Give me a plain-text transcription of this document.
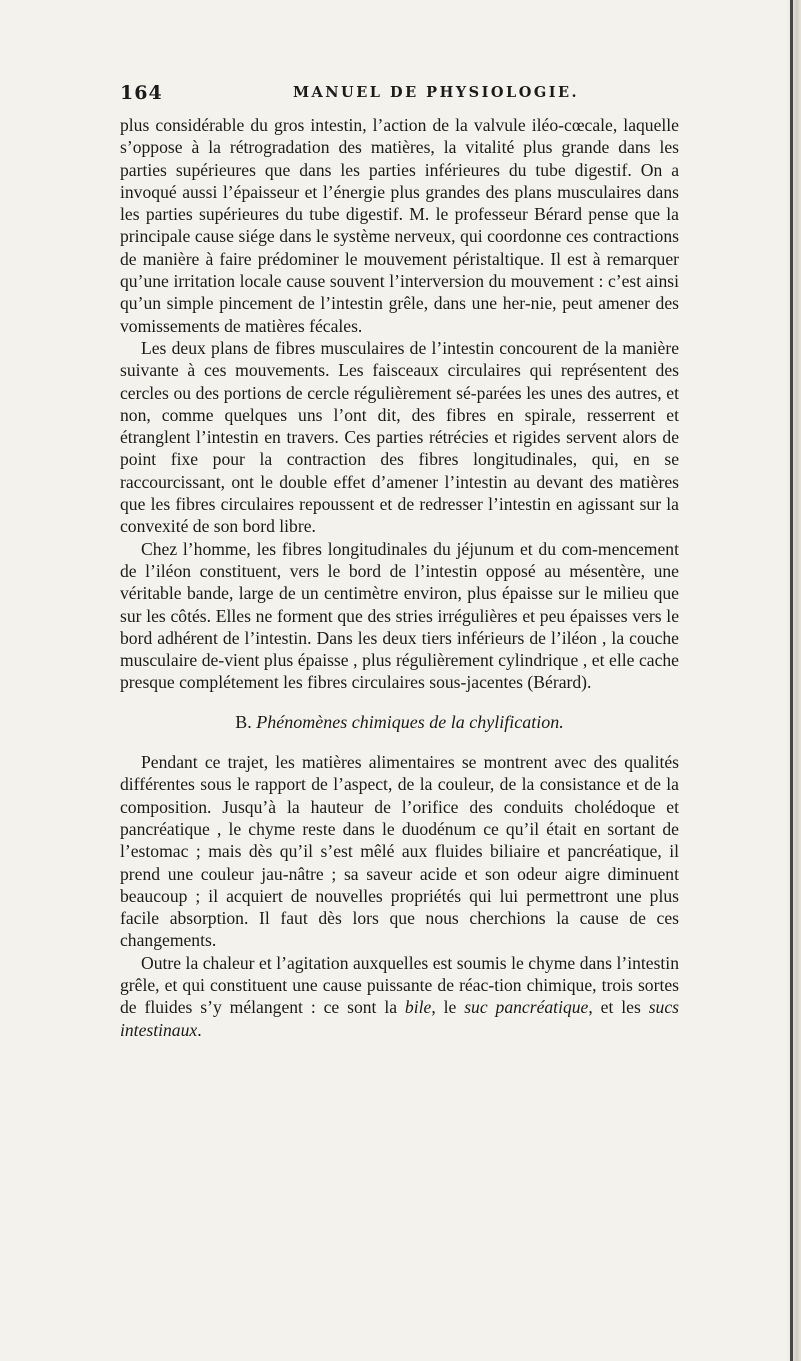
164	MANUEL DE PHYSIOLOGIE.

plus considérable du gros intestin, l’action de la valvule iléo-cœcale, laquelle s’oppose à la rétrogradation des matières, la vitalité plus grande dans les parties supérieures que dans les parties inférieures du tube digestif. On a invoqué aussi l’épaisseur et l’énergie plus grandes des plans musculaires dans les parties supérieures du tube digestif. M. le professeur Bérard pense que la principale cause siége dans le système nerveux, qui coordonne ces contractions de manière à faire prédominer le mouvement péristaltique. Il est à remarquer qu’une irritation locale cause souvent l’interversion du mouvement : c’est ainsi qu’un simple pincement de l’intestin grêle, dans une her-nie, peut amener des vomissements de matières fécales.

Les deux plans de fibres musculaires de l’intestin concourent de la manière suivante à ces mouvements. Les faisceaux circulaires qui représentent des cercles ou des portions de cercle régulièrement sé-parées les unes des autres, et non, comme quelques uns l’ont dit, des fibres en spirale, resserrent et étranglent l’intestin en travers. Ces parties rétrécies et rigides servent alors de point fixe pour la contraction des fibres longitudinales, qui, en se raccourcissant, ont le double effet d’amener l’intestin au devant des matières que les fibres circulaires repoussent et de redresser l’intestin en agissant sur la convexité de son bord libre.

Chez l’homme, les fibres longitudinales du jéjunum et du com-mencement de l’iléon constituent, vers le bord de l’intestin opposé au mésentère, une véritable bande, large de un centimètre environ, plus épaisse sur le milieu que sur les côtés. Elles ne forment que des stries irrégulières et peu épaisses vers le bord adhérent de l’intestin. Dans les deux tiers inférieurs de l’iléon , la couche musculaire de-vient plus épaisse , plus régulièrement cylindrique , et elle cache presque complétement les fibres circulaires sous-jacentes (Bérard).

B. Phénomènes chimiques de la chylification.

Pendant ce trajet, les matières alimentaires se montrent avec des qualités différentes sous le rapport de l’aspect, de la couleur, de la consistance et de la composition. Jusqu’à la hauteur de l’orifice des conduits cholédoque et pancréatique , le chyme reste dans le duodénum ce qu’il était en sortant de l’estomac ; mais dès qu’il s’est mêlé aux fluides biliaire et pancréatique, il prend une couleur jau-nâtre ; sa saveur acide et son odeur aigre diminuent beaucoup ; il acquiert de nouvelles propriétés qui lui permettront une plus facile absorption. Il faut dès lors que nous cherchions la cause de ces changements.

Outre la chaleur et l’agitation auxquelles est soumis le chyme dans l’intestin grêle, et qui constituent une cause puissante de réac-tion chimique, trois sortes de fluides s’y mélangent : ce sont la bile, le suc pancréatique, et les sucs intestinaux.
